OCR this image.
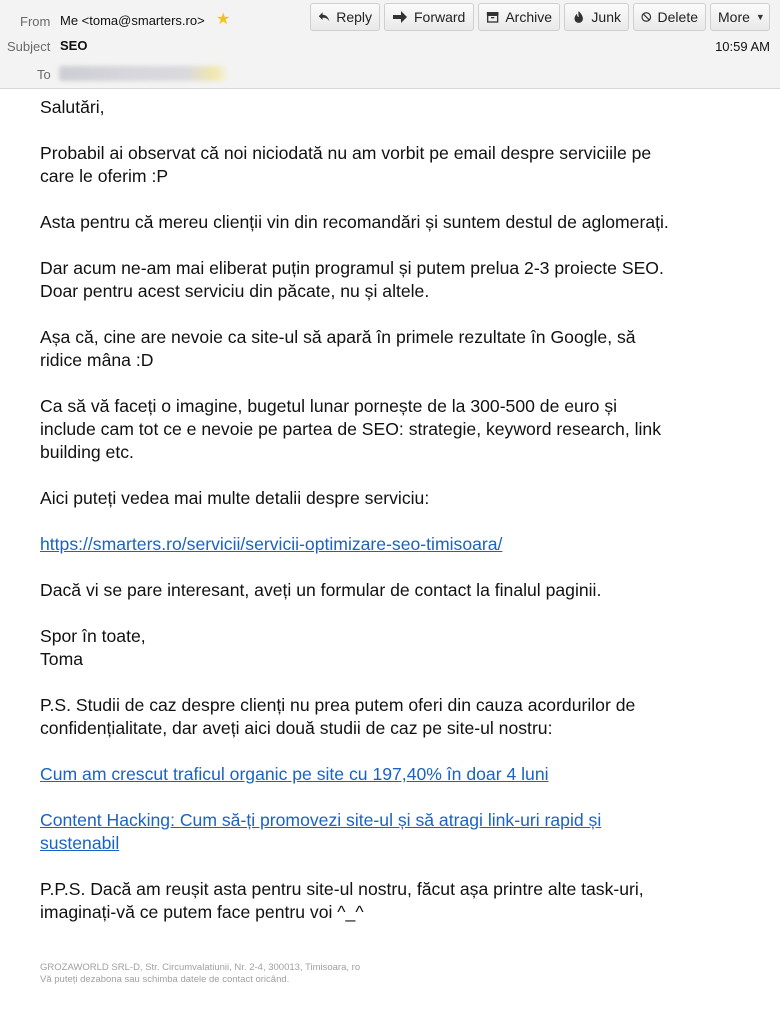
From Me <toma@smarters.ro> ★
Subject SEO
To
10:59 AM
Reply	Forward	Archive	Junk	Delete More ▼

Salutări,

Probabil ai observat că noi niciodată nu am vorbit pe email despre serviciile pe

care le oferim :P

Asta pentru că mereu clienții vin din recomandări și suntem destul de aglomerați.

Dar acum ne-am mai eliberat puțin programul și putem prelua 2-3 proiecte SEO.

Doar pentru acest serviciu din păcate, nu și altele.

Așa că, cine are nevoie ca site-ul să apară în primele rezultate în Google, să

ridice mâna :D

Ca să vă faceți o imagine, bugetul lunar pornește de la 300-500 de euro și

include cam tot ce e nevoie pe partea de SEO: strategie, keyword research, link

building etc.

Aici puteți vedea mai multe detalii despre serviciu:

https://smarters.ro/servicii/servicii-optimizare-seo-timisoara/

Dacă vi se pare interesant, aveți un formular de contact la finalul paginii.

Spor în toate,

Toma

P.S. Studii de caz despre clienți nu prea putem oferi din cauza acordurilor de

confidențialitate, dar aveți aici două studii de caz pe site-ul nostru:

Cum am crescut traficul organic pe site cu 197,40% în doar 4 luni

Content Hacking: Cum să-ți promovezi site-ul și să atragi link-uri rapid și

sustenabil

P.P.S. Dacă am reușit asta pentru site-ul nostru, făcut așa printre alte task-uri,

imaginați-vă ce putem face pentru voi ^_^

GROZAWORLD SRL-D, Str. Circumvalatiunii, Nr. 2-4, 300013, Timisoara, ro
Vă puteți dezabona sau schimba datele de contact oricând.
